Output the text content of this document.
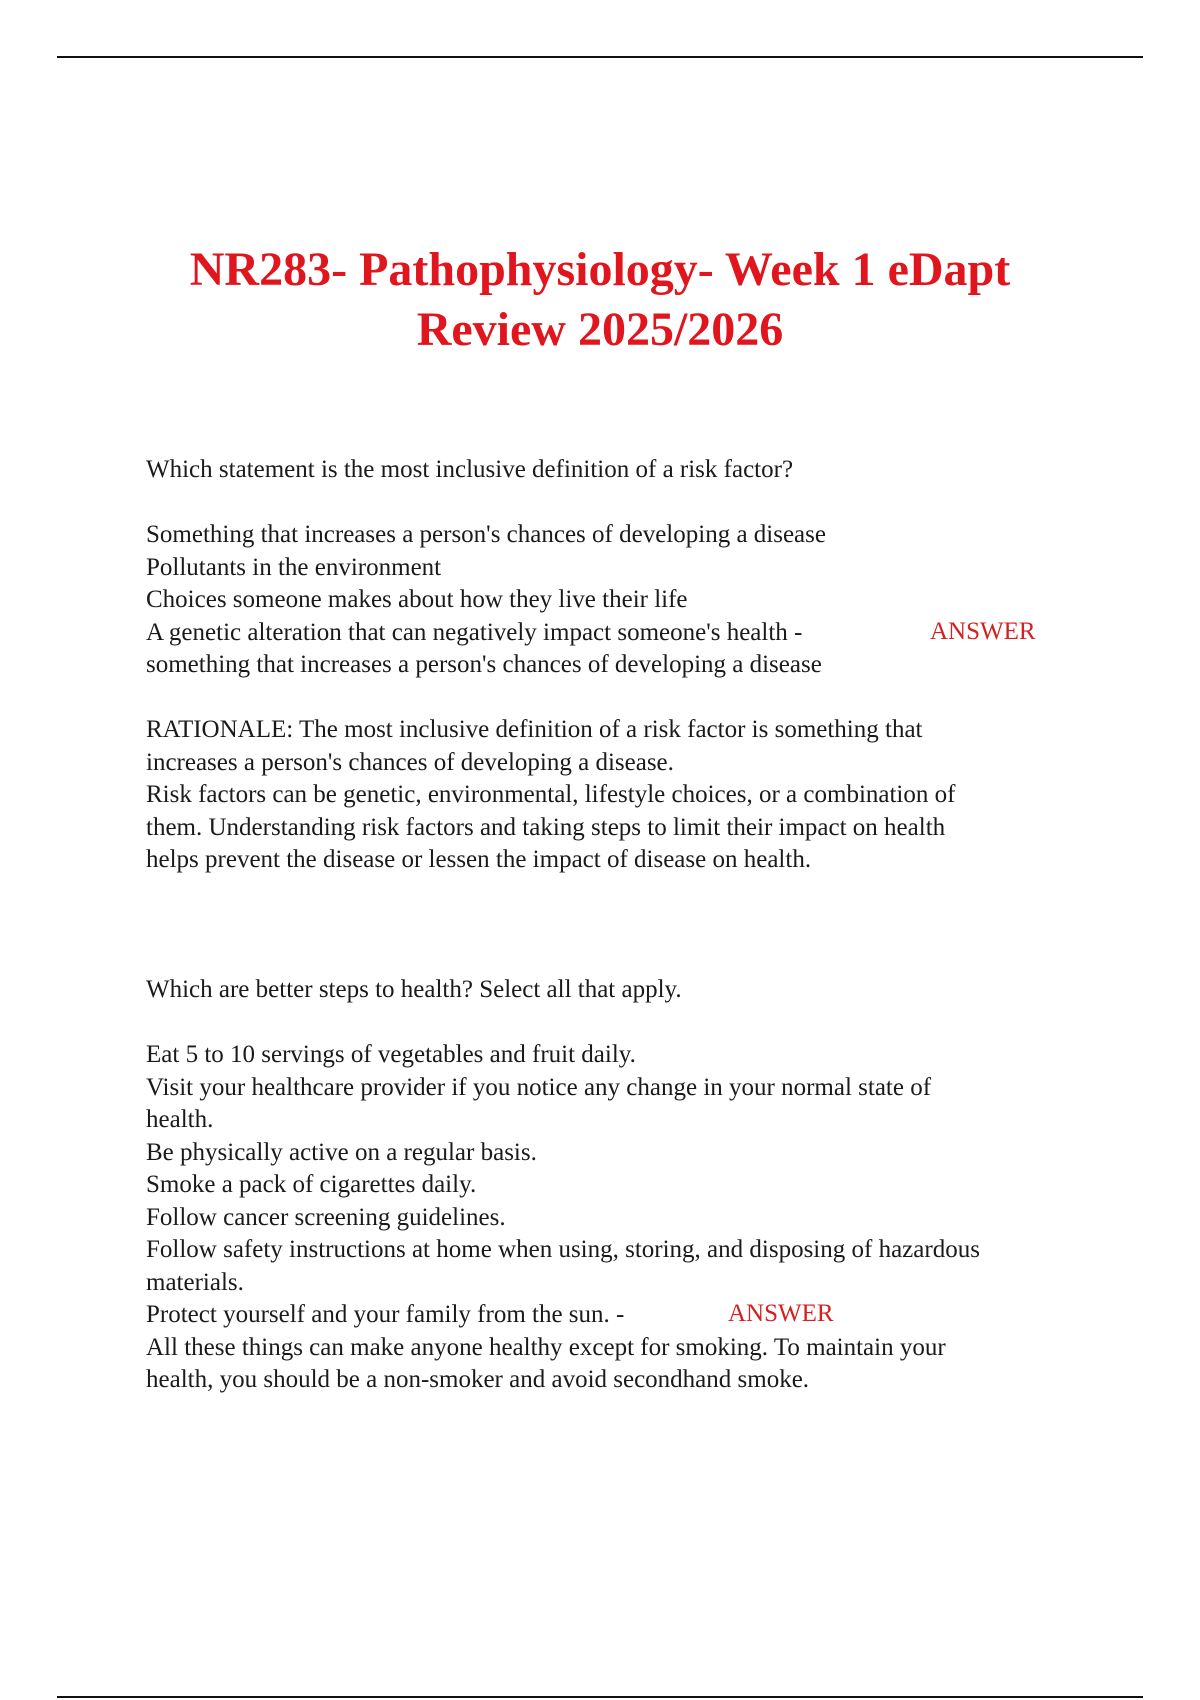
NR283- Pathophysiology- Week 1 eDapt
Review 2025/2026
Which statement is the most inclusive definition of a risk factor?
Something that increases a person's chances of developing a disease
Pollutants in the environment
Choices someone makes about how they live their life
A genetic alteration that can negatively impact someone's health -
something that increases a person's chances of developing a disease
ANSWER
RATIONALE: The most inclusive definition of a risk factor is something that
increases a person's chances of developing a disease.
Risk factors can be genetic, environmental, lifestyle choices, or a combination of
them. Understanding risk factors and taking steps to limit their impact on health
helps prevent the disease or lessen the impact of disease on health.
Which are better steps to health? Select all that apply.
Eat 5 to 10 servings of vegetables and fruit daily.
Visit your healthcare provider if you notice any change in your normal state of
health.
Be physically active on a regular basis.
Smoke a pack of cigarettes daily.
Follow cancer screening guidelines.
Follow safety instructions at home when using, storing, and disposing of hazardous
materials.
Protect yourself and your family from the sun. -
All these things can make anyone healthy except for smoking. To maintain your
health, you should be a non-smoker and avoid secondhand smoke.
ANSWER
